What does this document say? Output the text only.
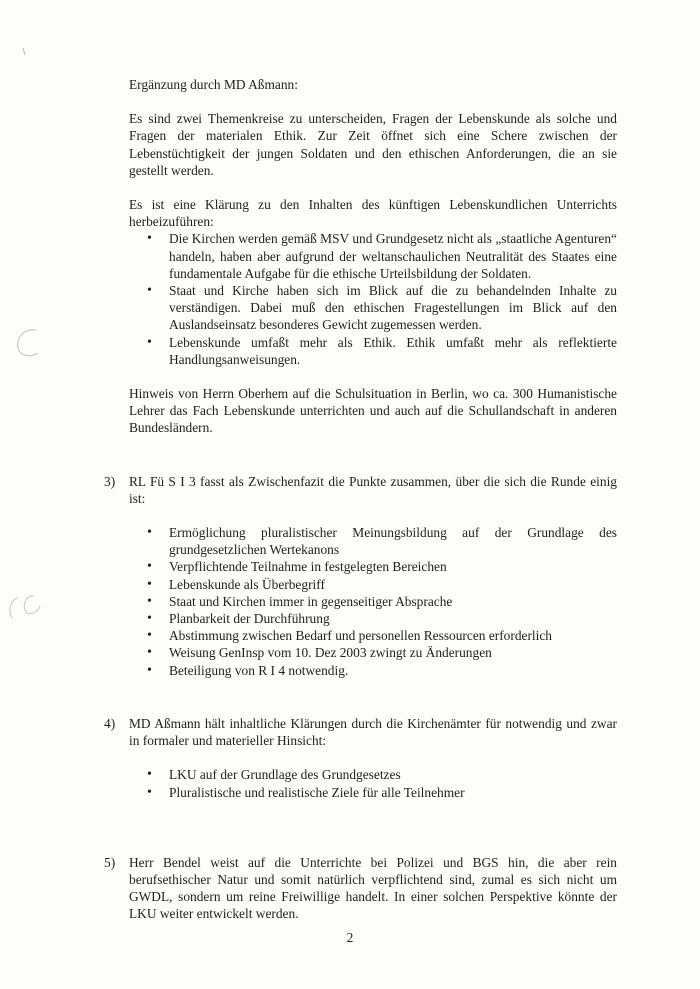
Ergänzung durch MD Aßmann:

Es sind zwei Themenkreise zu unterscheiden, Fragen der Lebenskunde als solche und Fragen der materialen Ethik. Zur Zeit öffnet sich eine Schere zwischen der Lebenstüchtigkeit der jungen Soldaten und den ethischen Anforderungen, die an sie gestellt werden.

Es ist eine Klärung zu den Inhalten des künftigen Lebenskundlichen Unterrichts herbeizuführen:

• Die Kirchen werden gemäß MSV und Grundgesetz nicht als „staatliche Agenturen“ handeln, haben aber aufgrund der weltanschaulichen Neutralität des Staates eine fundamentale Aufgabe für die ethische Urteilsbildung der Soldaten.
• Staat und Kirche haben sich im Blick auf die zu behandelnden Inhalte zu verständigen. Dabei muß den ethischen Fragestellungen im Blick auf den Auslandseinsatz besonderes Gewicht zugemessen werden.
• Lebenskunde umfaßt mehr als Ethik. Ethik umfaßt mehr als reflektierte Handlungsanweisungen.

Hinweis von Herrn Oberhem auf die Schulsituation in Berlin, wo ca. 300 Humanistische Lehrer das Fach Lebenskunde unterrichten und auch auf die Schullandschaft in anderen Bundesländern.

3) RL Fü S I 3 fasst als Zwischenfazit die Punkte zusammen, über die sich die Runde einig ist:

• Ermöglichung pluralistischer Meinungsbildung auf der Grundlage des grundgesetzlichen Wertekanons
• Verpflichtende Teilnahme in festgelegten Bereichen
• Lebenskunde als Überbegriff
• Staat und Kirchen immer in gegenseitiger Absprache
• Planbarkeit der Durchführung
• Abstimmung zwischen Bedarf und personellen Ressourcen erforderlich
• Weisung GenInsp vom 10. Dez 2003 zwingt zu Änderungen
• Beteiligung von R I 4 notwendig.
4) MD Aßmann hält inhaltliche Klärungen durch die Kirchenämter für notwendig und zwar in formaler und materieller Hinsicht:

• LKU auf der Grundlage des Grundgesetzes
• Pluralistische und realistische Ziele für alle Teilnehmer
5) Herr Bendel weist auf die Unterrichte bei Polizei und BGS hin, die aber rein berufsethischer Natur und somit natürlich verpflichtend sind, zumal es sich nicht um GWDL, sondern um reine Freiwillige handelt. In einer solchen Perspektive könnte der LKU weiter entwickelt werden.

2
